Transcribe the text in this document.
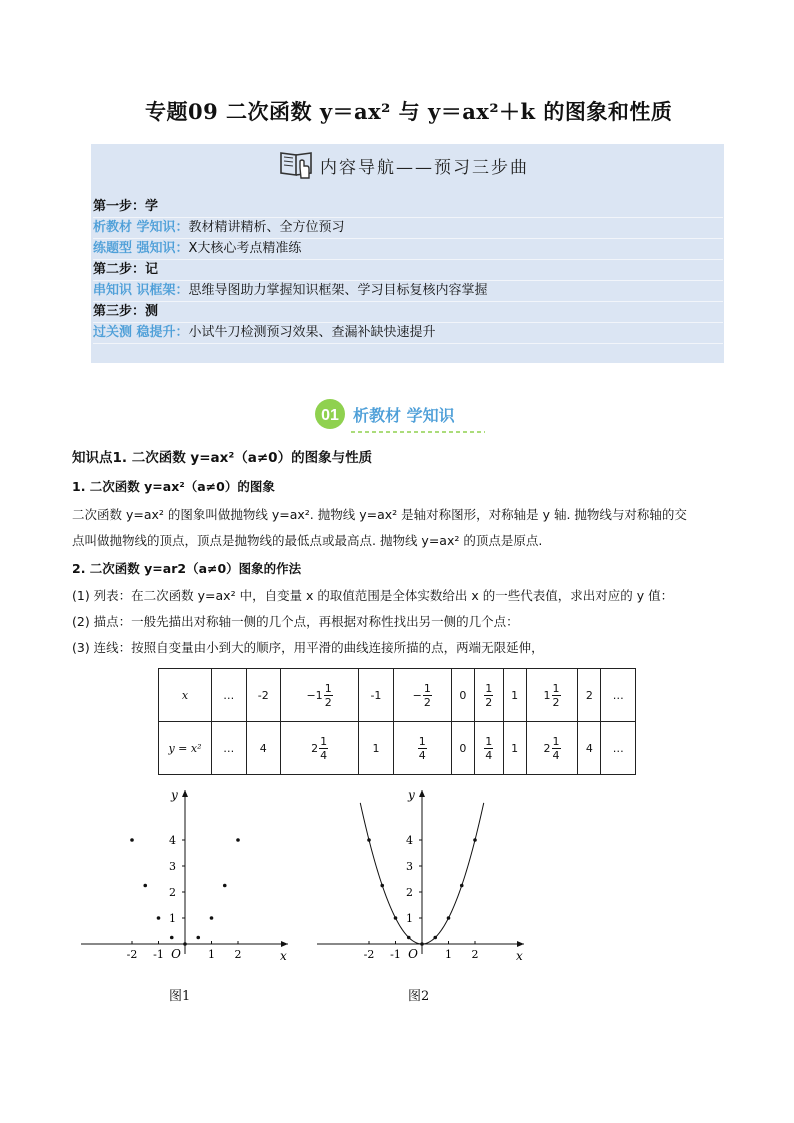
专题09 二次函数 y＝ax² 与 y＝ax²＋k 的图象和性质
内容导航——预习三步曲
第一步：学
析教材 学知识：教材精讲精析、全方位预习
练题型 强知识：X大核心考点精准练
第二步：记
串知识 识框架：思维导图助力掌握知识框架、学习目标复核内容掌握
第三步：测
过关测 稳提升：小试牛刀检测预习效果、查漏补缺快速提升
01 析教材 学知识
知识点1. 二次函数 y=ax²（a≠0）的图象与性质
1. 二次函数 y=ax²（a≠0）的图象
二次函数 y=ax² 的图象叫做抛物线 y=ax². 抛物线 y=ax² 是轴对称图形，对称轴是 y 轴. 抛物线与对称轴的交
点叫做抛物线的顶点，顶点是抛物线的最低点或最高点. 抛物线 y=ax² 的顶点是原点.
2. 二次函数 y=ar2（a≠0）图象的作法
(1) 列表：在二次函数 y=ax² 中，自变量 x 的取值范围是全体实数给出 x 的一些代表值，求出对应的 y 值：
(2) 描点：一般先描出对称轴一侧的几个点，再根据对称性找出另一侧的几个点：
(3) 连线：按照自变量由小到大的顺序，用平滑的曲线连接所描的点，两端无限延伸，
x	…	-2	$-1 \frac{1}{2}$	-1	− $\frac{1}{2}$	0	$\frac{1}{2}$	1	$1 \frac{1}{2}$	2	…
y = x²	…	4	$2 \frac{1}{4}$	1	$\frac{1}{4}$	0	$\frac{1}{4}$	1	$2 \frac{1}{4}$	4	…
x
y
1
2
3
4
-2 -1 O 1 2	x
y
1
2
3
4
-2 -1 O 1 2
图1	图2
